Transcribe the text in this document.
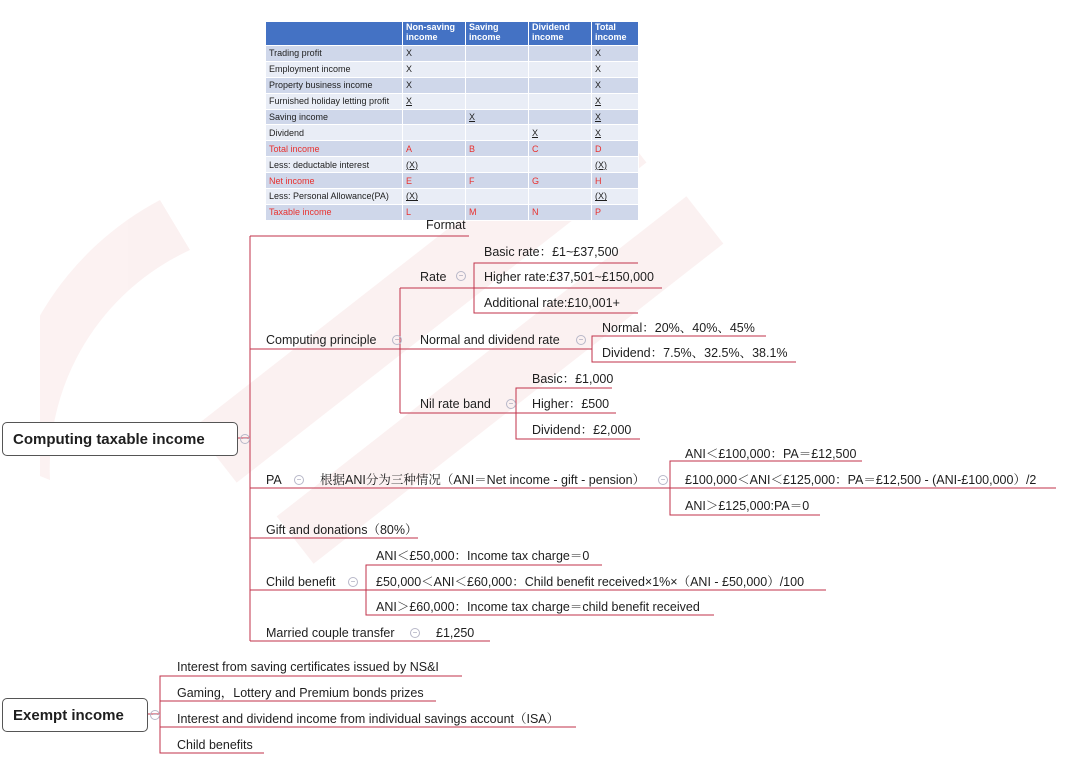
	Non-saving income	Saving income	Dividend income	Total income
Trading profit	X			X
Employment income	X			X
Property business income	X			X
Furnished holiday letting profit	X			X
Saving income		X		X
Dividend			X	X
Total income	A	B	C	D
Less: deductable interest	(X)			(X)
Net income	E	F	G	H
Less: Personal Allowance(PA)	(X)			(X)
Taxable income	L	M	N	P
Format
Computing taxable income	−
Computing principle	−
Rate	−
Basic rate：£1~£37,500
Higher rate:£37,501~£150,000
Additional rate:£10,001+
Normal and dividend rate	−
Normal：20%、40%、45%
Dividend：7.5%、32.5%、38.1%
Nil rate band	−
Basic：£1,000
Higher：£500
Dividend：£2,000
PA	− 根据ANI分为三种情况（ANI＝Net income - gift - pension）	−
ANI＜£100,000：PA＝£12,500
£100,000＜ANI＜£125,000：PA＝£12,500 - (ANI-£100,000）/2
ANI＞£125,000:PA＝0
Gift and donations（80%）
Child benefit	−
ANI＜£50,000：Income tax charge＝0
£50,000＜ANI＜£60,000：Child benefit received×1%×（ANI - £50,000）/100
ANI＞£60,000：Income tax charge＝child benefit received
Married couple transfer	− £1,250
Exempt income	−
Interest from saving certificates issued by NS&I
Gaming，Lottery and Premium bonds prizes
Interest and dividend income from individual savings account（ISA）
Child benefits
